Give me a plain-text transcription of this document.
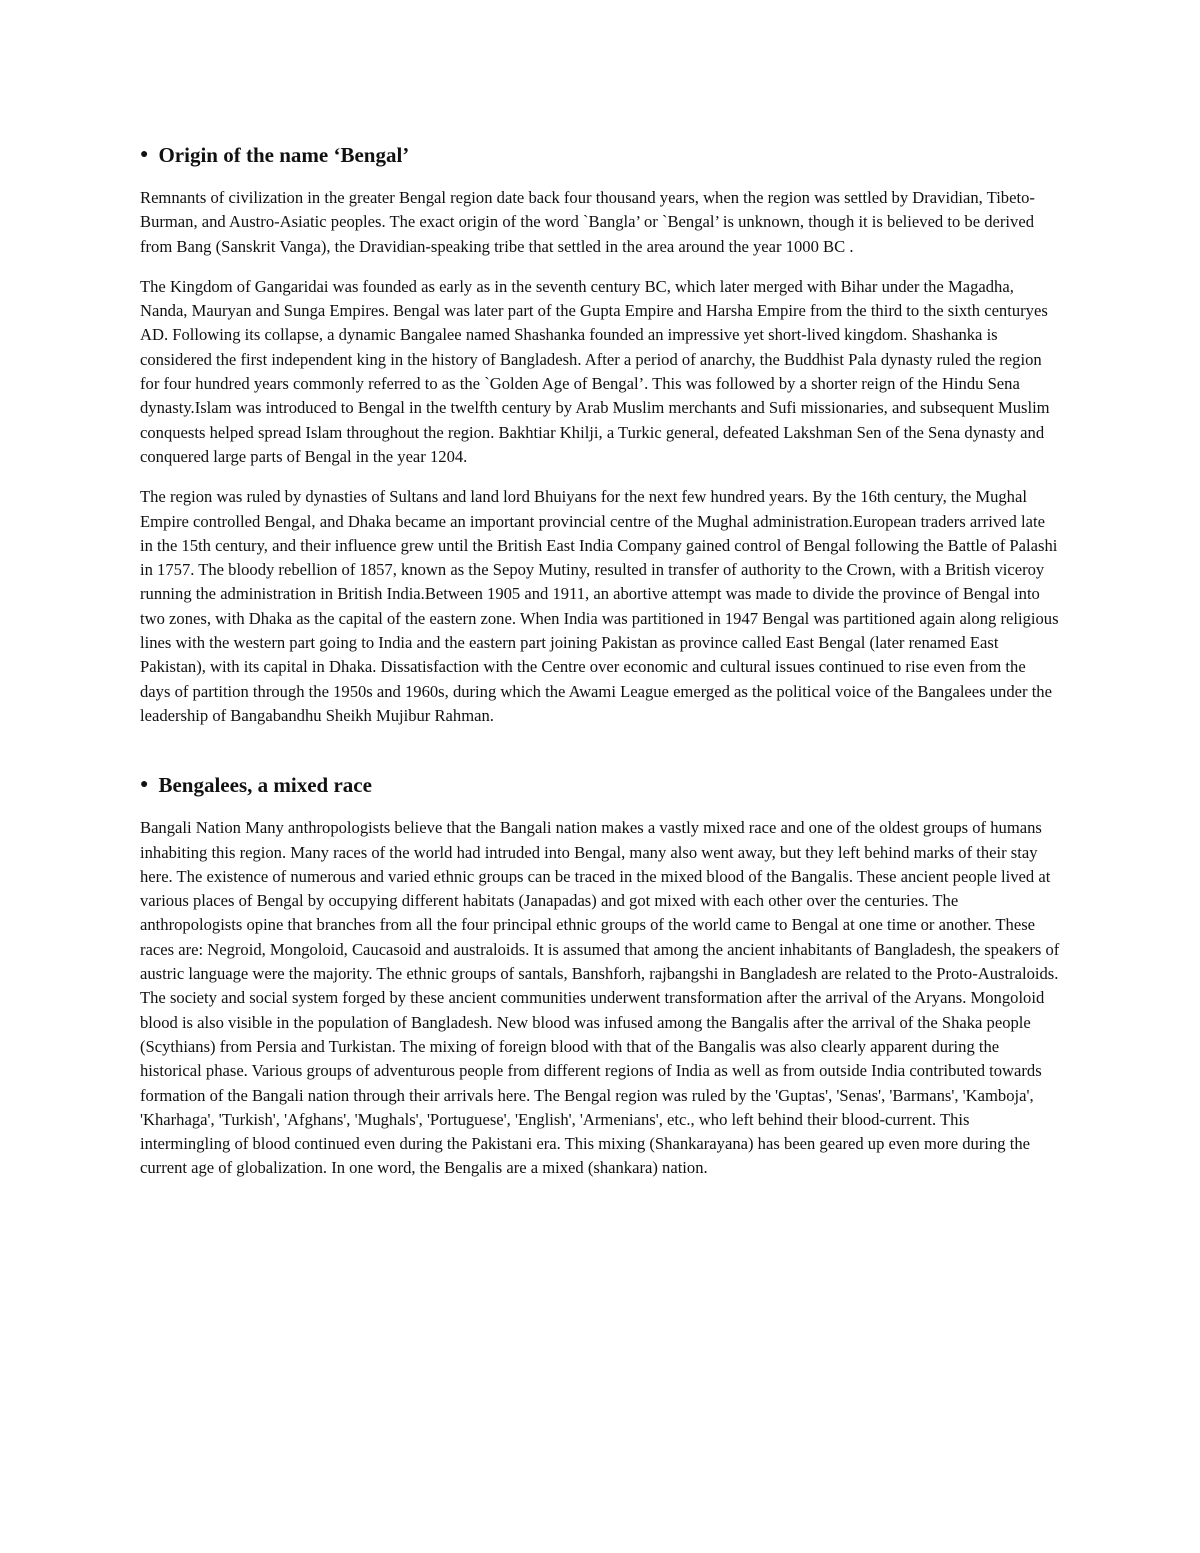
● Origin of the name ‘Bengal’

Remnants of civilization in the greater Bengal region date back four thousand years, when the region was settled by Dravidian, Tibeto-Burman, and Austro-Asiatic peoples. The exact origin of the word `Bangla’ or `Bengal’ is unknown, though it is believed to be derived from Bang (Sanskrit Vanga), the Dravidian-speaking tribe that settled in the area around the year 1000 BC .

The Kingdom of Gangaridai was founded as early as in the seventh century BC, which later merged with Bihar under the Magadha, Nanda, Mauryan and Sunga Empires. Bengal was later part of the Gupta Empire and Harsha Empire from the third to the sixth centuryes AD. Following its collapse, a dynamic Bangalee named Shashanka founded an impressive yet short-lived kingdom. Shashanka is considered the first independent king in the history of Bangladesh. After a period of anarchy, the Buddhist Pala dynasty ruled the region for four hundred years commonly referred to as the `Golden Age of Bengal’. This was followed by a shorter reign of the Hindu Sena dynasty.Islam was introduced to Bengal in the twelfth century by Arab Muslim merchants and Sufi missionaries, and subsequent Muslim conquests helped spread Islam throughout the region. Bakhtiar Khilji, a Turkic general, defeated Lakshman Sen of the Sena dynasty and conquered large parts of Bengal in the year 1204.

The region was ruled by dynasties of Sultans and land lord Bhuiyans for the next few hundred years. By the 16th century, the Mughal Empire controlled Bengal, and Dhaka became an important provincial centre of the Mughal administration.European traders arrived late in the 15th century, and their influence grew until the British East India Company gained control of Bengal following the Battle of Palashi in 1757. The bloody rebellion of 1857, known as the Sepoy Mutiny, resulted in transfer of authority to the Crown, with a British viceroy running the administration in British India.Between 1905 and 1911, an abortive attempt was made to divide the province of Bengal into two zones, with Dhaka as the capital of the eastern zone. When India was partitioned in 1947 Bengal was partitioned again along religious lines with the western part going to India and the eastern part joining Pakistan as province called East Bengal (later renamed East Pakistan), with its capital in Dhaka. Dissatisfaction with the Centre over economic and cultural issues continued to rise even from the days of partition through the 1950s and 1960s, during which the Awami League emerged as the political voice of the Bangalees under the leadership of Bangabandhu Sheikh Mujibur Rahman.

● Bengalees, a mixed race

Bangali Nation Many anthropologists believe that the Bangali nation makes a vastly mixed race and one of the oldest groups of humans inhabiting this region. Many races of the world had intruded into Bengal, many also went away, but they left behind marks of their stay here. The existence of numerous and varied ethnic groups can be traced in the mixed blood of the Bangalis. These ancient people lived at various places of Bengal by occupying different habitats (Janapadas) and got mixed with each other over the centuries. The anthropologists opine that branches from all the four principal ethnic groups of the world came to Bengal at one time or another. These races are: Negroid, Mongoloid, Caucasoid and australoids. It is assumed that among the ancient inhabitants of Bangladesh, the speakers of austric language were the majority. The ethnic groups of santals, Banshforh, rajbangshi in Bangladesh are related to the Proto-Australoids. The society and social system forged by these ancient communities underwent transformation after the arrival of the Aryans. Mongoloid blood is also visible in the population of Bangladesh. New blood was infused among the Bangalis after the arrival of the Shaka people (Scythians) from Persia and Turkistan. The mixing of foreign blood with that of the Bangalis was also clearly apparent during the historical phase. Various groups of adventurous people from different regions of India as well as from outside India contributed towards formation of the Bangali nation through their arrivals here. The Bengal region was ruled by the 'Guptas', 'Senas', 'Barmans', 'Kamboja', 'Kharhaga', 'Turkish', 'Afghans', 'Mughals', 'Portuguese', 'English', 'Armenians', etc., who left behind their blood-current. This intermingling of blood continued even during the Pakistani era. This mixing (Shankarayana) has been geared up even more during the current age of globalization. In one word, the Bengalis are a mixed (shankara) nation.
